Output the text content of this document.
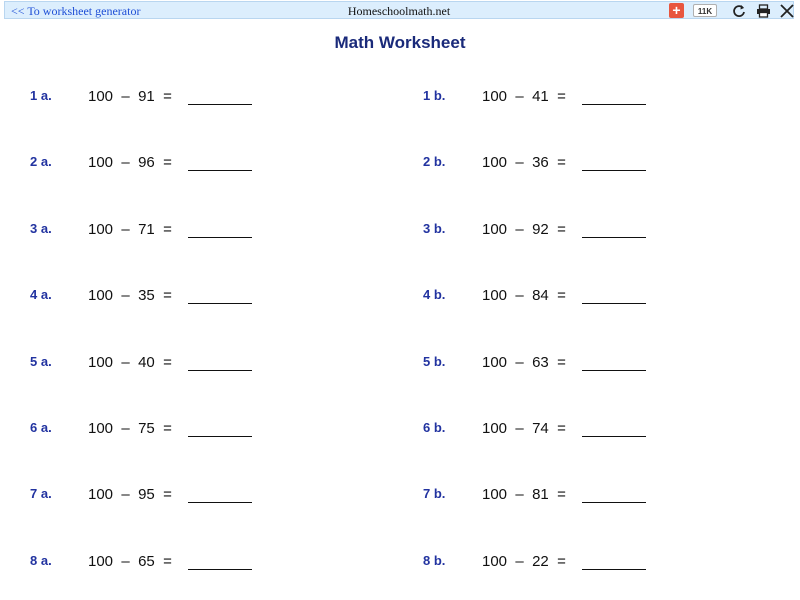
<< To worksheet generator	Homeschoolmath.net	+	11K
Math Worksheet
1 a. 100 – 91 =
2 a. 100 – 96 =
3 a. 100 – 71 =
4 a. 100 – 35 =
5 a. 100 – 40 =
6 a. 100 – 75 =
7 a. 100 – 95 =
8 a. 100 – 65 =
1 b. 100 – 41 =
2 b. 100 – 36 =
3 b. 100 – 92 =
4 b. 100 – 84 =
5 b. 100 – 63 =
6 b. 100 – 74 =
7 b. 100 – 81 =
8 b. 100 – 22 =
